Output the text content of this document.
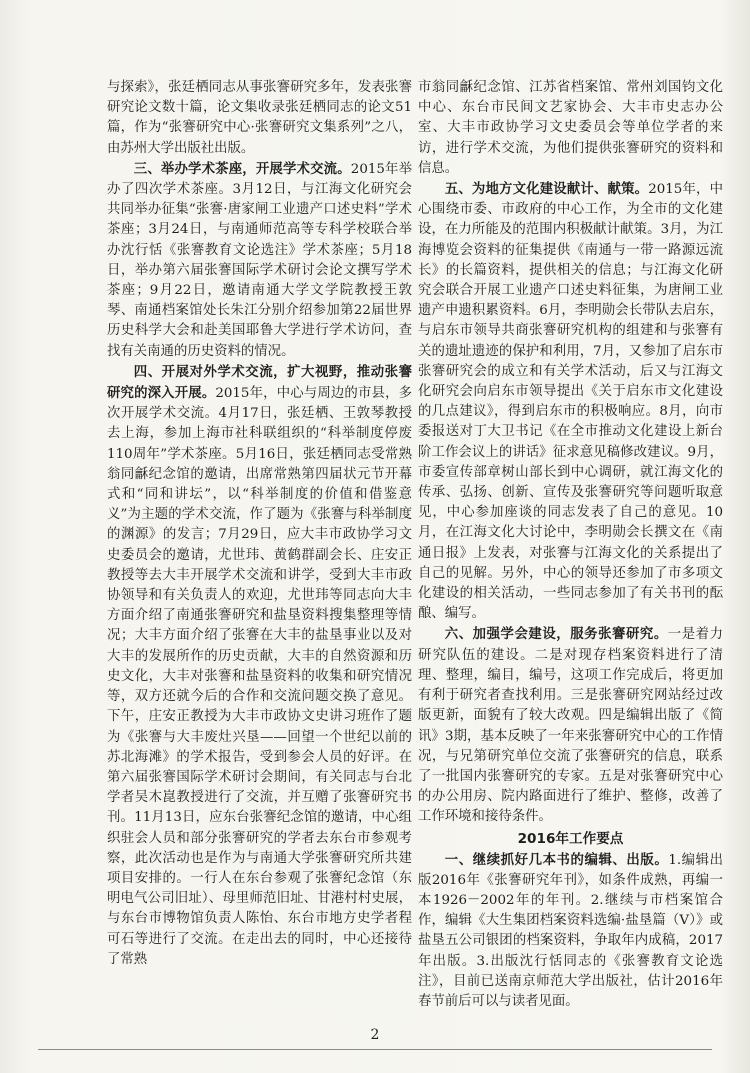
与探索》，张廷栖同志从事张謇研究多年，发表张謇研究论文数十篇，论文集收录张廷栖同志的论文51篇，作为“张謇研究中心·张謇研究文集系列”之八，由苏州大学出版社出版。

三、举办学术茶座，开展学术交流。2015年举办了四次学术茶座。3月12日，与江海文化研究会共同举办征集“张謇·唐家闸工业遗产口述史料”学术茶座；3月24日，与南通师范高等专科学校联合举办沈行恬《张謇教育文论选注》学术茶座；5月18日，举办第六届张謇国际学术研讨会论文撰写学术茶座；9月22日，邀请南通大学文学院教授王敦琴、南通档案馆处长朱江分别介绍参加第22届世界历史科学大会和赴美国耶鲁大学进行学术访问，查找有关南通的历史资料的情况。

四、开展对外学术交流，扩大视野，推动张謇研究的深入开展。2015年，中心与周边的市县，多次开展学术交流。4月17日，张廷栖、王敦琴教授去上海，参加上海市社科联组织的“科举制度停废110周年”学术茶座。5月16日，张廷栖同志受常熟翁同龢纪念馆的邀请，出席常熟第四届状元节开幕式和“同和讲坛”，以“科举制度的价值和借鉴意义”为主题的学术交流，作了题为《张謇与科举制度的渊源》的发言；7月29日，应大丰市政协学习文史委员会的邀请，尤世玮、黄鹤群副会长、庄安正教授等去大丰开展学术交流和讲学，受到大丰市政协领导和有关负责人的欢迎，尤世玮等同志向大丰方面介绍了南通张謇研究和盐垦资料搜集整理等情况；大丰方面介绍了张謇在大丰的盐垦事业以及对大丰的发展所作的历史贡献，大丰的自然资源和历史文化，大丰对张謇和盐垦资料的收集和研究情况等，双方还就今后的合作和交流问题交换了意见。下午，庄安正教授为大丰市政协文史讲习班作了题为《张謇与大丰废灶兴垦——回望一个世纪以前的苏北海滩》的学术报告，受到参会人员的好评。在第六届张謇国际学术研讨会期间，有关同志与台北学者吴木崑教授进行了交流，并互赠了张謇研究书刊。11月13日，应东台张謇纪念馆的邀请，中心组织驻会人员和部分张謇研究的学者去东台市参观考察，此次活动也是作为与南通大学张謇研究所共建项目安排的。一行人在东台参观了张謇纪念馆（东明电气公司旧址）、母里师范旧址、甘港村村史展，与东台市博物馆负责人陈怡、东台市地方史学者程可石等进行了交流。在走出去的同时，中心还接待了常熟

市翁同龢纪念馆、江苏省档案馆、常州刘国钧文化中心、东台市民间文艺家协会、大丰市史志办公室、大丰市政协学习文史委员会等单位学者的来访，进行学术交流，为他们提供张謇研究的资料和信息。

五、为地方文化建设献计、献策。2015年，中心围绕市委、市政府的中心工作，为全市的文化建设，在力所能及的范围内积极献计献策。3月，为江海博览会资料的征集提供《南通与一带一路源远流长》的长篇资料，提供相关的信息；与江海文化研究会联合开展工业遗产口述史料征集，为唐闸工业遗产申遗积累资料。6月，李明勋会长带队去启东，与启东市领导共商张謇研究机构的组建和与张謇有关的遗址遗迹的保护和利用，7月，又参加了启东市张謇研究会的成立和有关学术活动，后又与江海文化研究会向启东市领导提出《关于启东市文化建设的几点建议》，得到启东市的积极响应。8月，向市委报送对丁大卫书记《在全市推动文化建设上新台阶工作会议上的讲话》征求意见稿修改建议。9月，市委宣传部章树山部长到中心调研，就江海文化的传承、弘扬、创新、宣传及张謇研究等问题听取意见，中心参加座谈的同志发表了自己的意见。10月，在江海文化大讨论中，李明勋会长撰文在《南通日报》上发表，对张謇与江海文化的关系提出了自己的见解。另外，中心的领导还参加了市多项文化建设的相关活动，一些同志参加了有关书刊的酝酿、编写。

六、加强学会建设，服务张謇研究。一是着力研究队伍的建设。二是对现存档案资料进行了清理、整理，编目，编号，这项工作完成后，将更加有利于研究者查找利用。三是张謇研究网站经过改版更新，面貌有了较大改观。四是编辑出版了《简讯》3期，基本反映了一年来张謇研究中心的工作情况，与兄第研究单位交流了张謇研究的信息，联系了一批国内张謇研究的专家。五是对张謇研究中心的办公用房、院内路面进行了维护、整修，改善了工作环境和接待条件。

2016年工作要点

一、继续抓好几本书的编辑、出版。1.编辑出版2016年《张謇研究年刊》，如条件成熟，再编一本1926－2002年的年刊。2.继续与市档案馆合作，编辑《大生集团档案资料选编·盐垦篇（Ⅴ）》或盐垦五公司银团的档案资料，争取年内成稿，2017年出版。3.出版沈行恬同志的《张謇教育文论选注》，目前已送南京师范大学出版社，估计2016年春节前后可以与读者见面。

2
